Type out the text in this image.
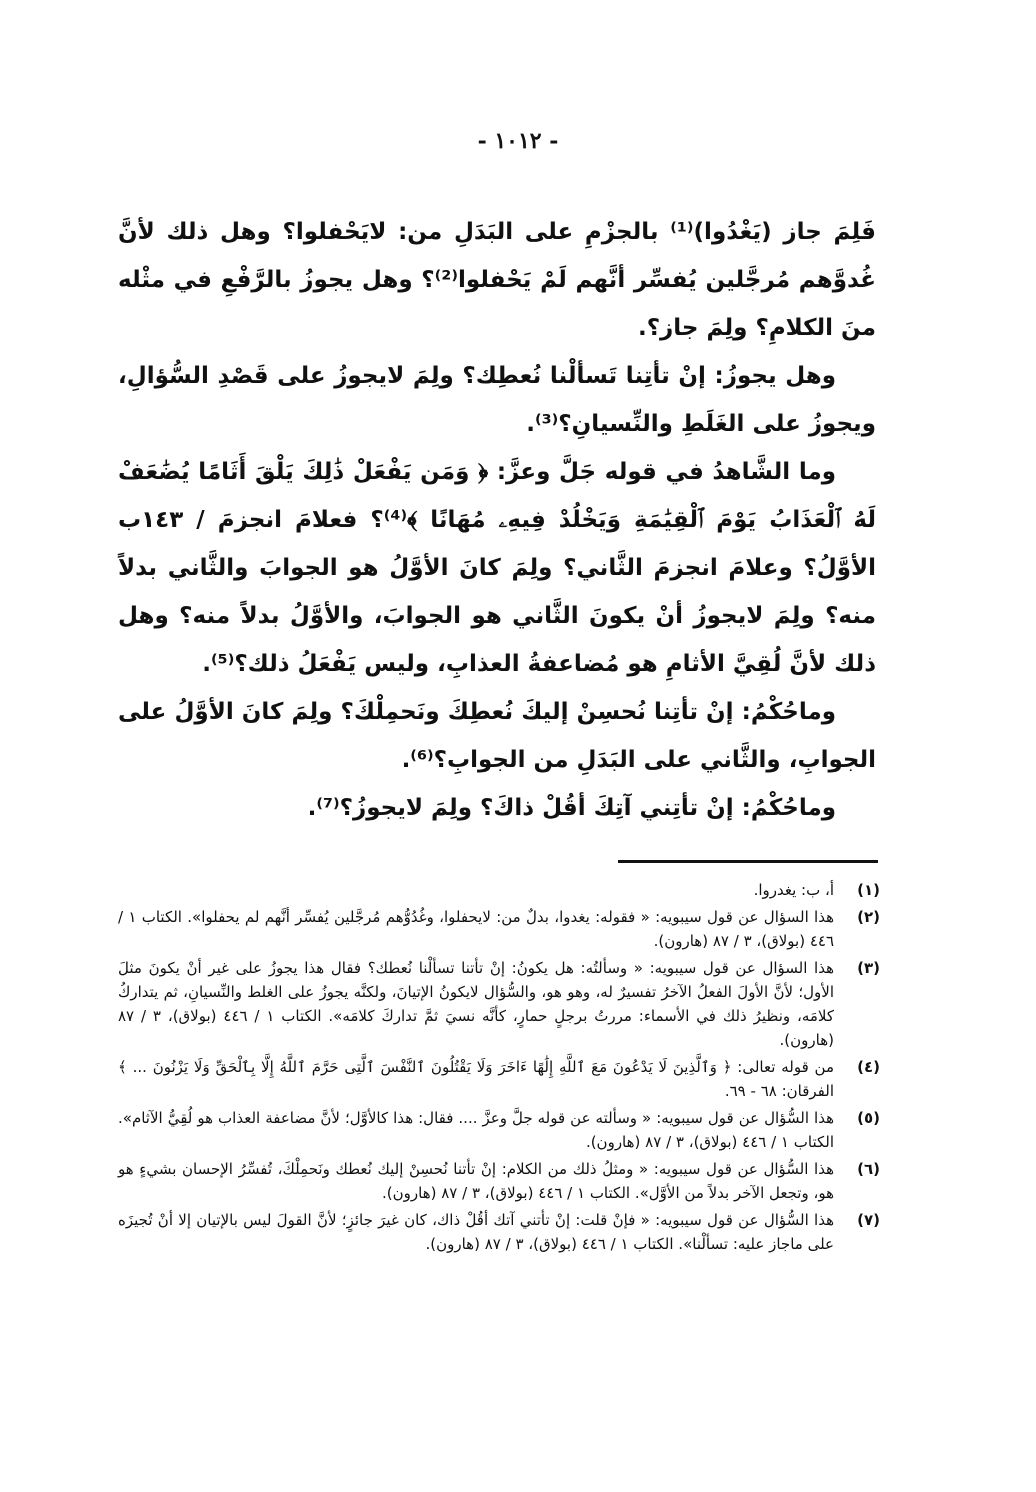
- ١٠١٢ -

فَلِمَ جاز (يَغْدُوا)⁽¹⁾ بالجزْمِ على البَدَلِ من: لايَحْفلوا؟ وهل ذلك لأنَّ غُدوَّهم مُرجَّلين يُفسِّر أنَّهم لَمْ يَحْفلوا⁽²⁾؟ وهل يجوزُ بالرَّفْعِ في مثْله منَ الكلامِ؟ ولِمَ جاز؟.

وهل يجوزُ: إنْ تأتِنا تَسألْنا نُعطِك؟ ولِمَ لايجوزُ على قَصْدِ السُّؤالِ، ويجوزُ على الغَلَطِ والنِّسيانِ؟⁽³⁾.

وما الشَّاهدُ في قوله جَلَّ وعزَّ: ﴿ وَمَن يَفْعَلْ ذَٰلِكَ يَلْقَ أَثَامًا يُضَٰعَفْ لَهُ ٱلْعَذَابُ يَوْمَ ٱلْقِيَٰمَةِ وَيَخْلُدْ فِيهِۦ مُهَانًا ﴾⁽⁴⁾؟ فعلامَ انجزمَ / ١٤٣ب الأوَّلُ؟ وعلامَ انجزمَ الثَّاني؟ ولِمَ كانَ الأوَّلُ هو الجوابَ والثَّاني بدلاً منه؟ ولِمَ لايجوزُ أنْ يكونَ الثَّاني هو الجوابَ، والأوَّلُ بدلاً منه؟ وهل ذلك لأنَّ لُقِيَّ الأثامِ هو مُضاعفةُ العذابِ، وليس يَفْعَلُ ذلك؟⁽⁵⁾.

وماحُكْمُ: إنْ تأتِنا نُحسِنْ إليكَ نُعطِكَ ونَحمِلْكَ؟ ولِمَ كانَ الأوَّلُ على الجوابِ، والثَّاني على البَدَلِ من الجوابِ؟⁽⁶⁾.

وماحُكْمُ: إنْ تأتِني آتِكَ أقُلْ ذاكَ؟ ولِمَ لايجوزُ؟⁽⁷⁾.

(١)
أ، ب: يغدروا.
(٢)
هذا السؤال عن قول سيبويه: « فقوله: يغدوا، بدلٌ من: لايحفلوا، وغُدُوُّهم مُرجَّلين يُفسِّر أنَّهم لم يحفلوا». الكتاب ١ / ٤٤٦ (بولاق)، ٣ / ٨٧ (هارون).
(٣)
هذا السؤال عن قول سيبويه: « وسألتُه: هل يكونُ: إنْ تأتنا تسألْنا نُعطك؟ فقال هذا يجوزُ على غير أنْ يكونَ مثلَ الأول؛ لأنَّ الأولَ الفعلُ الآخرُ تفسيرٌ له، وهو هو، والسُّؤال لايكونُ الإتيانَ، ولكنَّه يجوزُ على الغلط والنِّسيانِ، ثم يتداركُ كلامَه، ونظيرُ ذلك في الأسماء: مررتُ برجلٍ حمارٍ، كأنَّه نسيَ ثمَّ تداركَ كلامَه». الكتاب ١ / ٤٤٦ (بولاق)، ٣ / ٨٧ (هارون).
(٤)
من قوله تعالى: ﴿ وَٱلَّذِينَ لَا يَدْعُونَ مَعَ ٱللَّهِ إِلَٰهًا ءَاخَرَ وَلَا يَقْتُلُونَ ٱلنَّفْسَ ٱلَّتِى حَرَّمَ ٱللَّهُ إِلَّا بِٱلْحَقِّ وَلَا يَزْنُونَ ... ﴾ الفرقان: ٦٨ - ٦٩.
(٥)
هذا السُّؤال عن قول سيبويه: « وسألته عن قوله جلَّ وعزَّ .... فقال: هذا كالأوَّل؛ لأنَّ مضاعفة العذاب هو لُقِيُّ الآثام». الكتاب ١ / ٤٤٦ (بولاق)، ٣ / ٨٧ (هارون).
(٦)
هذا السُّؤال عن قول سيبويه: « ومثلُ ذلك من الكلام: إنْ تأتنا نُحسِنْ إليك نُعطك ونَحمِلْكَ، تُفسِّرُ الإحسان بشيءٍ هو هو، وتجعل الآخر بدلاً من الأوَّل». الكتاب ١ / ٤٤٦ (بولاق)، ٣ / ٨٧ (هارون).
(٧)
هذا السُّؤال عن قول سيبويه: « فإنْ قلت: إنْ تأتني آتك أقُلْ ذاك، كان غيرَ جائزٍ؛ لأنَّ القولَ ليس بالإتيان إلا أنْ تُجيزَه على ماجاز عليه: تسألْنا». الكتاب ١ / ٤٤٦ (بولاق)، ٣ / ٨٧ (هارون).
